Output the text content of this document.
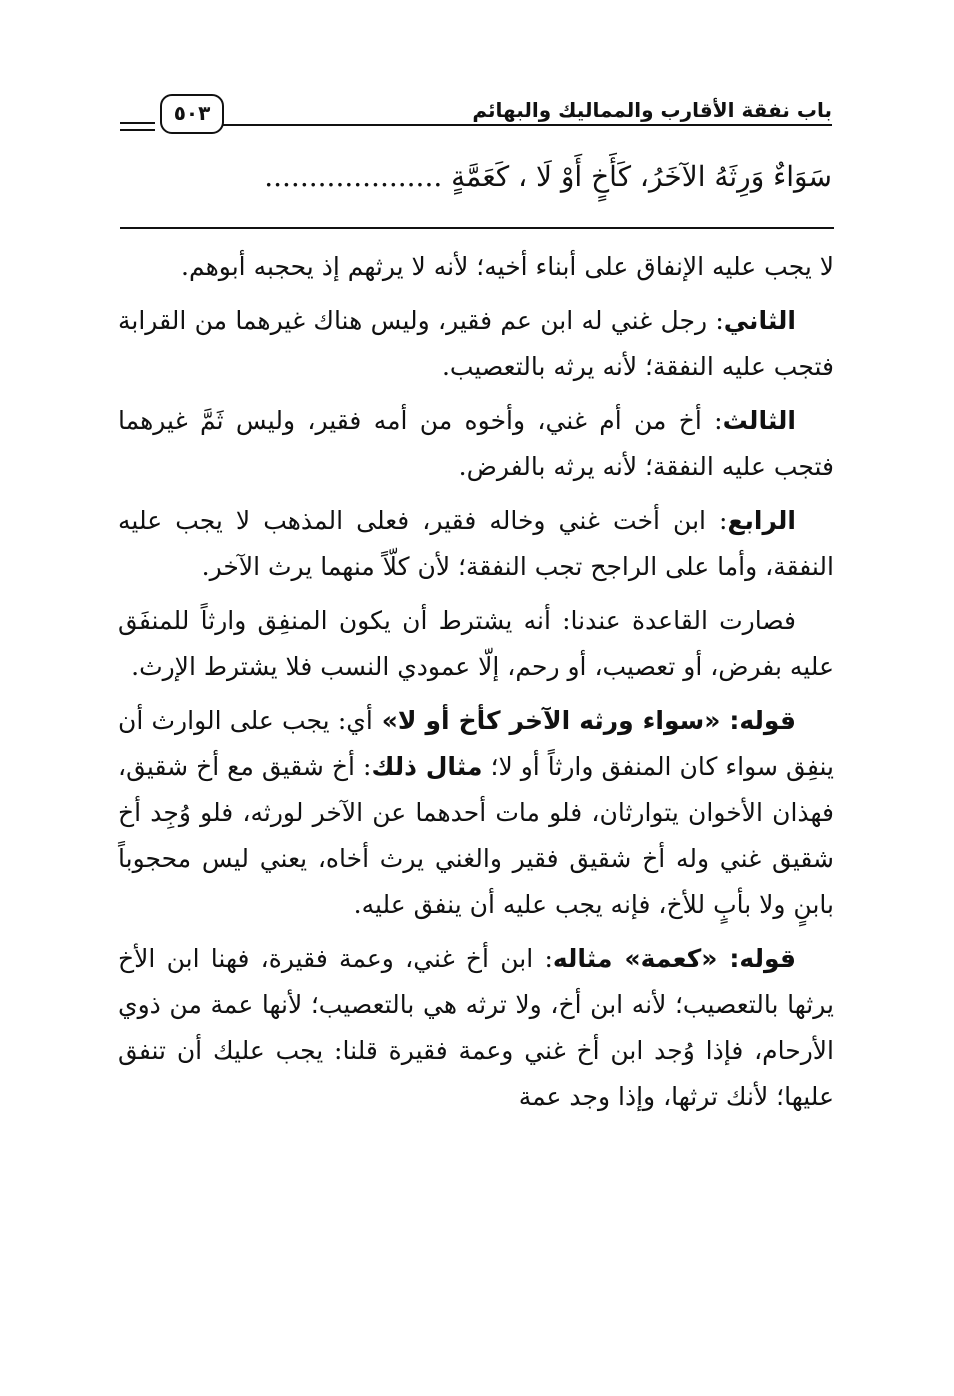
باب نفقة الأقارب والمماليك والبهائم
٥٠٣
سَوَاءٌ وَرِثَهُ الآخَرُ، كَأَخٍ أَوْ لَا ، كَعَمَّةٍ ....................

لا يجب عليه الإنفاق على أبناء أخيه؛ لأنه لا يرثهم إذ يحجبه أبوهم.

الثاني: رجل غني له ابن عم فقير، وليس هناك غيرهما من القرابة فتجب عليه النفقة؛ لأنه يرثه بالتعصيب.

الثالث: أخ من أم غني، وأخوه من أمه فقير، وليس ثَمَّ غيرهما فتجب عليه النفقة؛ لأنه يرثه بالفرض.

الرابع: ابن أخت غني وخاله فقير، فعلى المذهب لا يجب عليه النفقة، وأما على الراجح تجب النفقة؛ لأن كلّاً منهما يرث الآخر.

فصارت القاعدة عندنا: أنه يشترط أن يكون المنفِق وارثاً للمنفَق عليه بفرض، أو تعصيب، أو رحم، إلّا عمودي النسب فلا يشترط الإرث.

قوله: «سواء ورثه الآخر كأخ أو لا» أي: يجب على الوارث أن ينفِق سواء كان المنفق وارثاً أو لا؛ مثال ذلك: أخ شقيق مع أخ شقيق، فهذان الأخوان يتوارثان، فلو مات أحدهما عن الآخر لورثه، فلو وُجِد أخ شقيق غني وله أخ شقيق فقير والغني يرث أخاه، يعني ليس محجوباً بابنٍ ولا بأبٍ للأخ، فإنه يجب عليه أن ينفق عليه.

قوله: «كعمة» مثاله: ابن أخ غني، وعمة فقيرة، فهنا ابن الأخ يرثها بالتعصيب؛ لأنه ابن أخ، ولا ترثه هي بالتعصيب؛ لأنها عمة من ذوي الأرحام، فإذا وُجد ابن أخ غني وعمة فقيرة قلنا: يجب عليك أن تنفق عليها؛ لأنك ترثها، وإذا وجد عمة
